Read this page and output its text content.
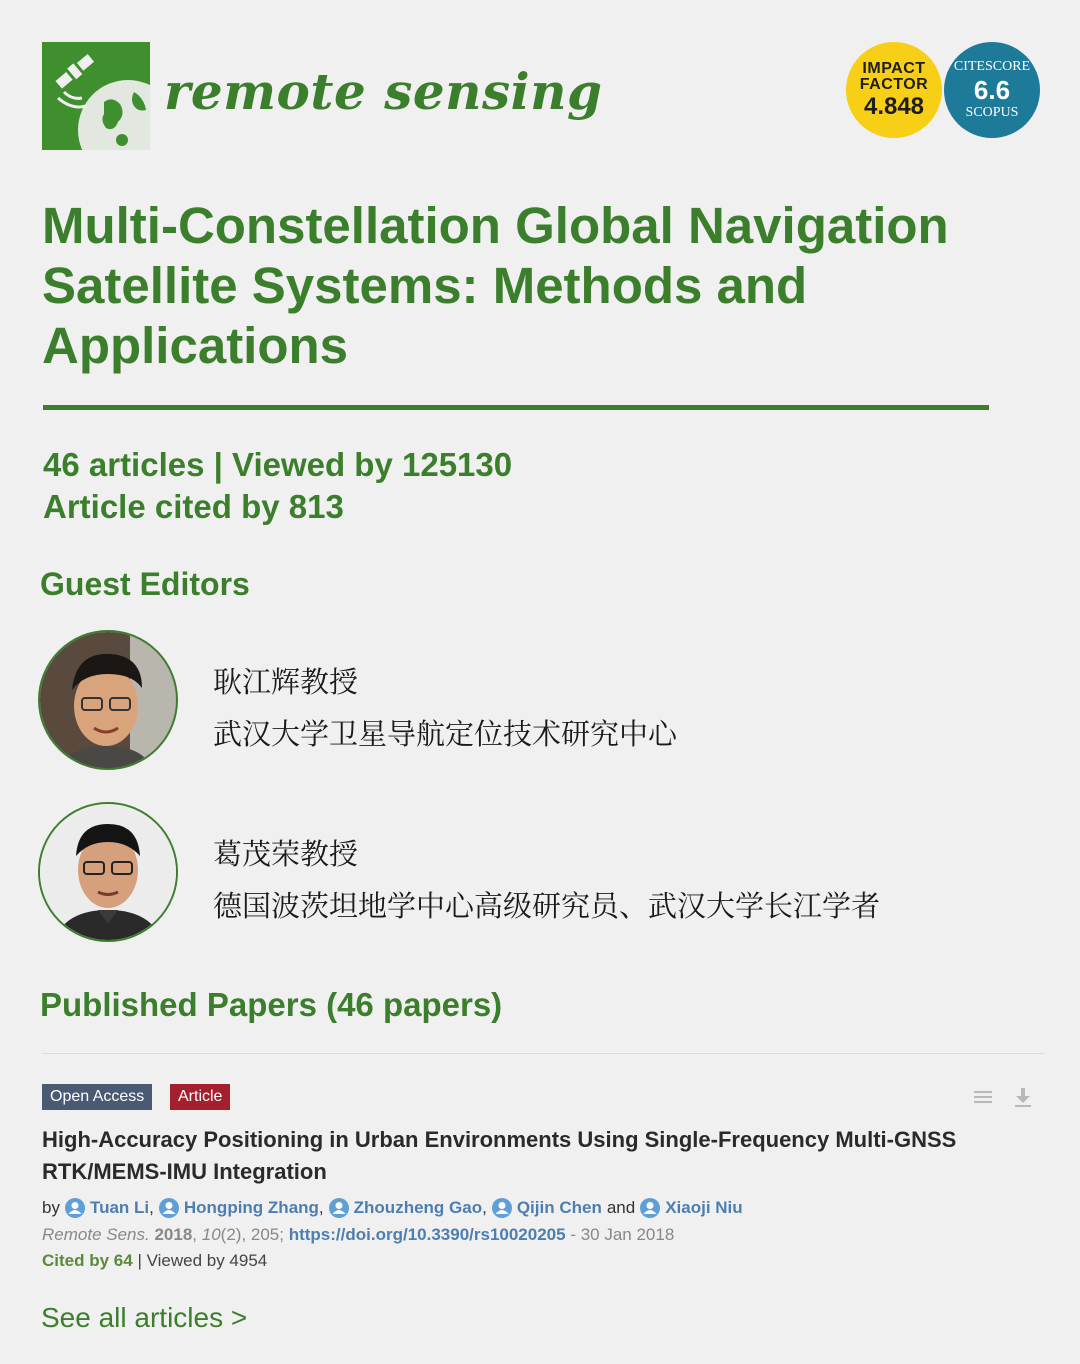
remote sensing	IMPACT
FACTOR
4.848
CITESCORE
6.6
SCOPUS
Multi-Constellation Global Navigation Satellite Systems: Methods and Applications
46 articles | Viewed by 125130
Article cited by 813
Guest Editors
耿江辉教授
武汉大学卫星导航定位技术研究中心
葛茂荣教授
德国波茨坦地学中心高级研究员、武汉大学长江学者
Published Papers (46 papers)
Open Access	Article
High-Accuracy Positioning in Urban Environments Using Single-Frequency Multi-GNSS RTK/MEMS-IMU Integration
by Tuan Li , Hongping Zhang , Zhouzheng Gao , Qijin Chen and Xiaoji Niu
Remote Sens. 2018, 10(2), 205; https://doi.org/10.3390/rs10020205 - 30 Jan 2018
Cited by 64 | Viewed by 4954
See all articles >
